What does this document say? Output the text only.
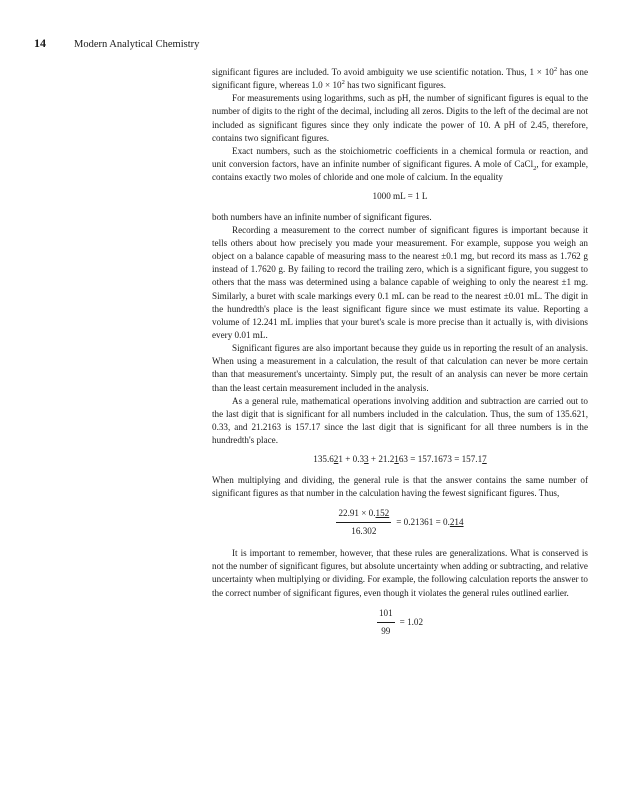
14	Modern Analytical Chemistry

significant figures are included. To avoid ambiguity we use scientific notation. Thus, $1 \times 10^2$ has one significant figure, whereas $1.0 \times 10^2$ has two significant figures.

For measurements using logarithms, such as pH, the number of significant figures is equal to the number of digits to the right of the decimal, including all zeros. Digits to the left of the decimal are not included as significant figures since they only indicate the power of 10. A pH of 2.45, therefore, contains two significant figures.

Exact numbers, such as the stoichiometric coefficients in a chemical formula or reaction, and unit conversion factors, have an infinite number of significant figures. A mole of CaCl$_2$, for example, contains exactly two moles of chloride and one mole of calcium. In the equality

1000 mL = 1 L

both numbers have an infinite number of significant figures.

Recording a measurement to the correct number of significant figures is important because it tells others about how precisely you made your measurement. For example, suppose you weigh an object on a balance capable of measuring mass to the nearest ±0.1 mg, but record its mass as 1.762 g instead of 1.7620 g. By failing to record the trailing zero, which is a significant figure, you suggest to others that the mass was determined using a balance capable of weighing to only the nearest ±1 mg. Similarly, a buret with scale markings every 0.1 mL can be read to the nearest ±0.01 mL. The digit in the hundredth's place is the least significant figure since we must estimate its value. Reporting a volume of 12.241 mL implies that your buret's scale is more precise than it actually is, with divisions every 0.01 mL.

Significant figures are also important because they guide us in reporting the result of an analysis. When using a measurement in a calculation, the result of that calculation can never be more certain than that measurement's uncertainty. Simply put, the result of an analysis can never be more certain than the least certain measurement included in the analysis.

As a general rule, mathematical operations involving addition and subtraction are carried out to the last digit that is significant for all numbers included in the calculation. Thus, the sum of 135.621, 0.33, and 21.2163 is 157.17 since the last digit that is significant for all three numbers is in the hundredth's place.

135.621 + 0.33 + 21.2163 = 157.1673 = 157.17

When multiplying and dividing, the general rule is that the answer contains the same number of significant figures as that number in the calculation having the fewest significant figures. Thus,

$\frac{22.91 \times 0.152}{16.302} = 0.21361 = 0.214$

It is important to remember, however, that these rules are generalizations. What is conserved is not the number of significant figures, but absolute uncertainty when adding or subtracting, and relative uncertainty when multiplying or dividing. For example, the following calculation reports the answer to the correct number of significant figures, even though it violates the general rules outlined earlier.

$\frac{101}{99} = 1.02$
